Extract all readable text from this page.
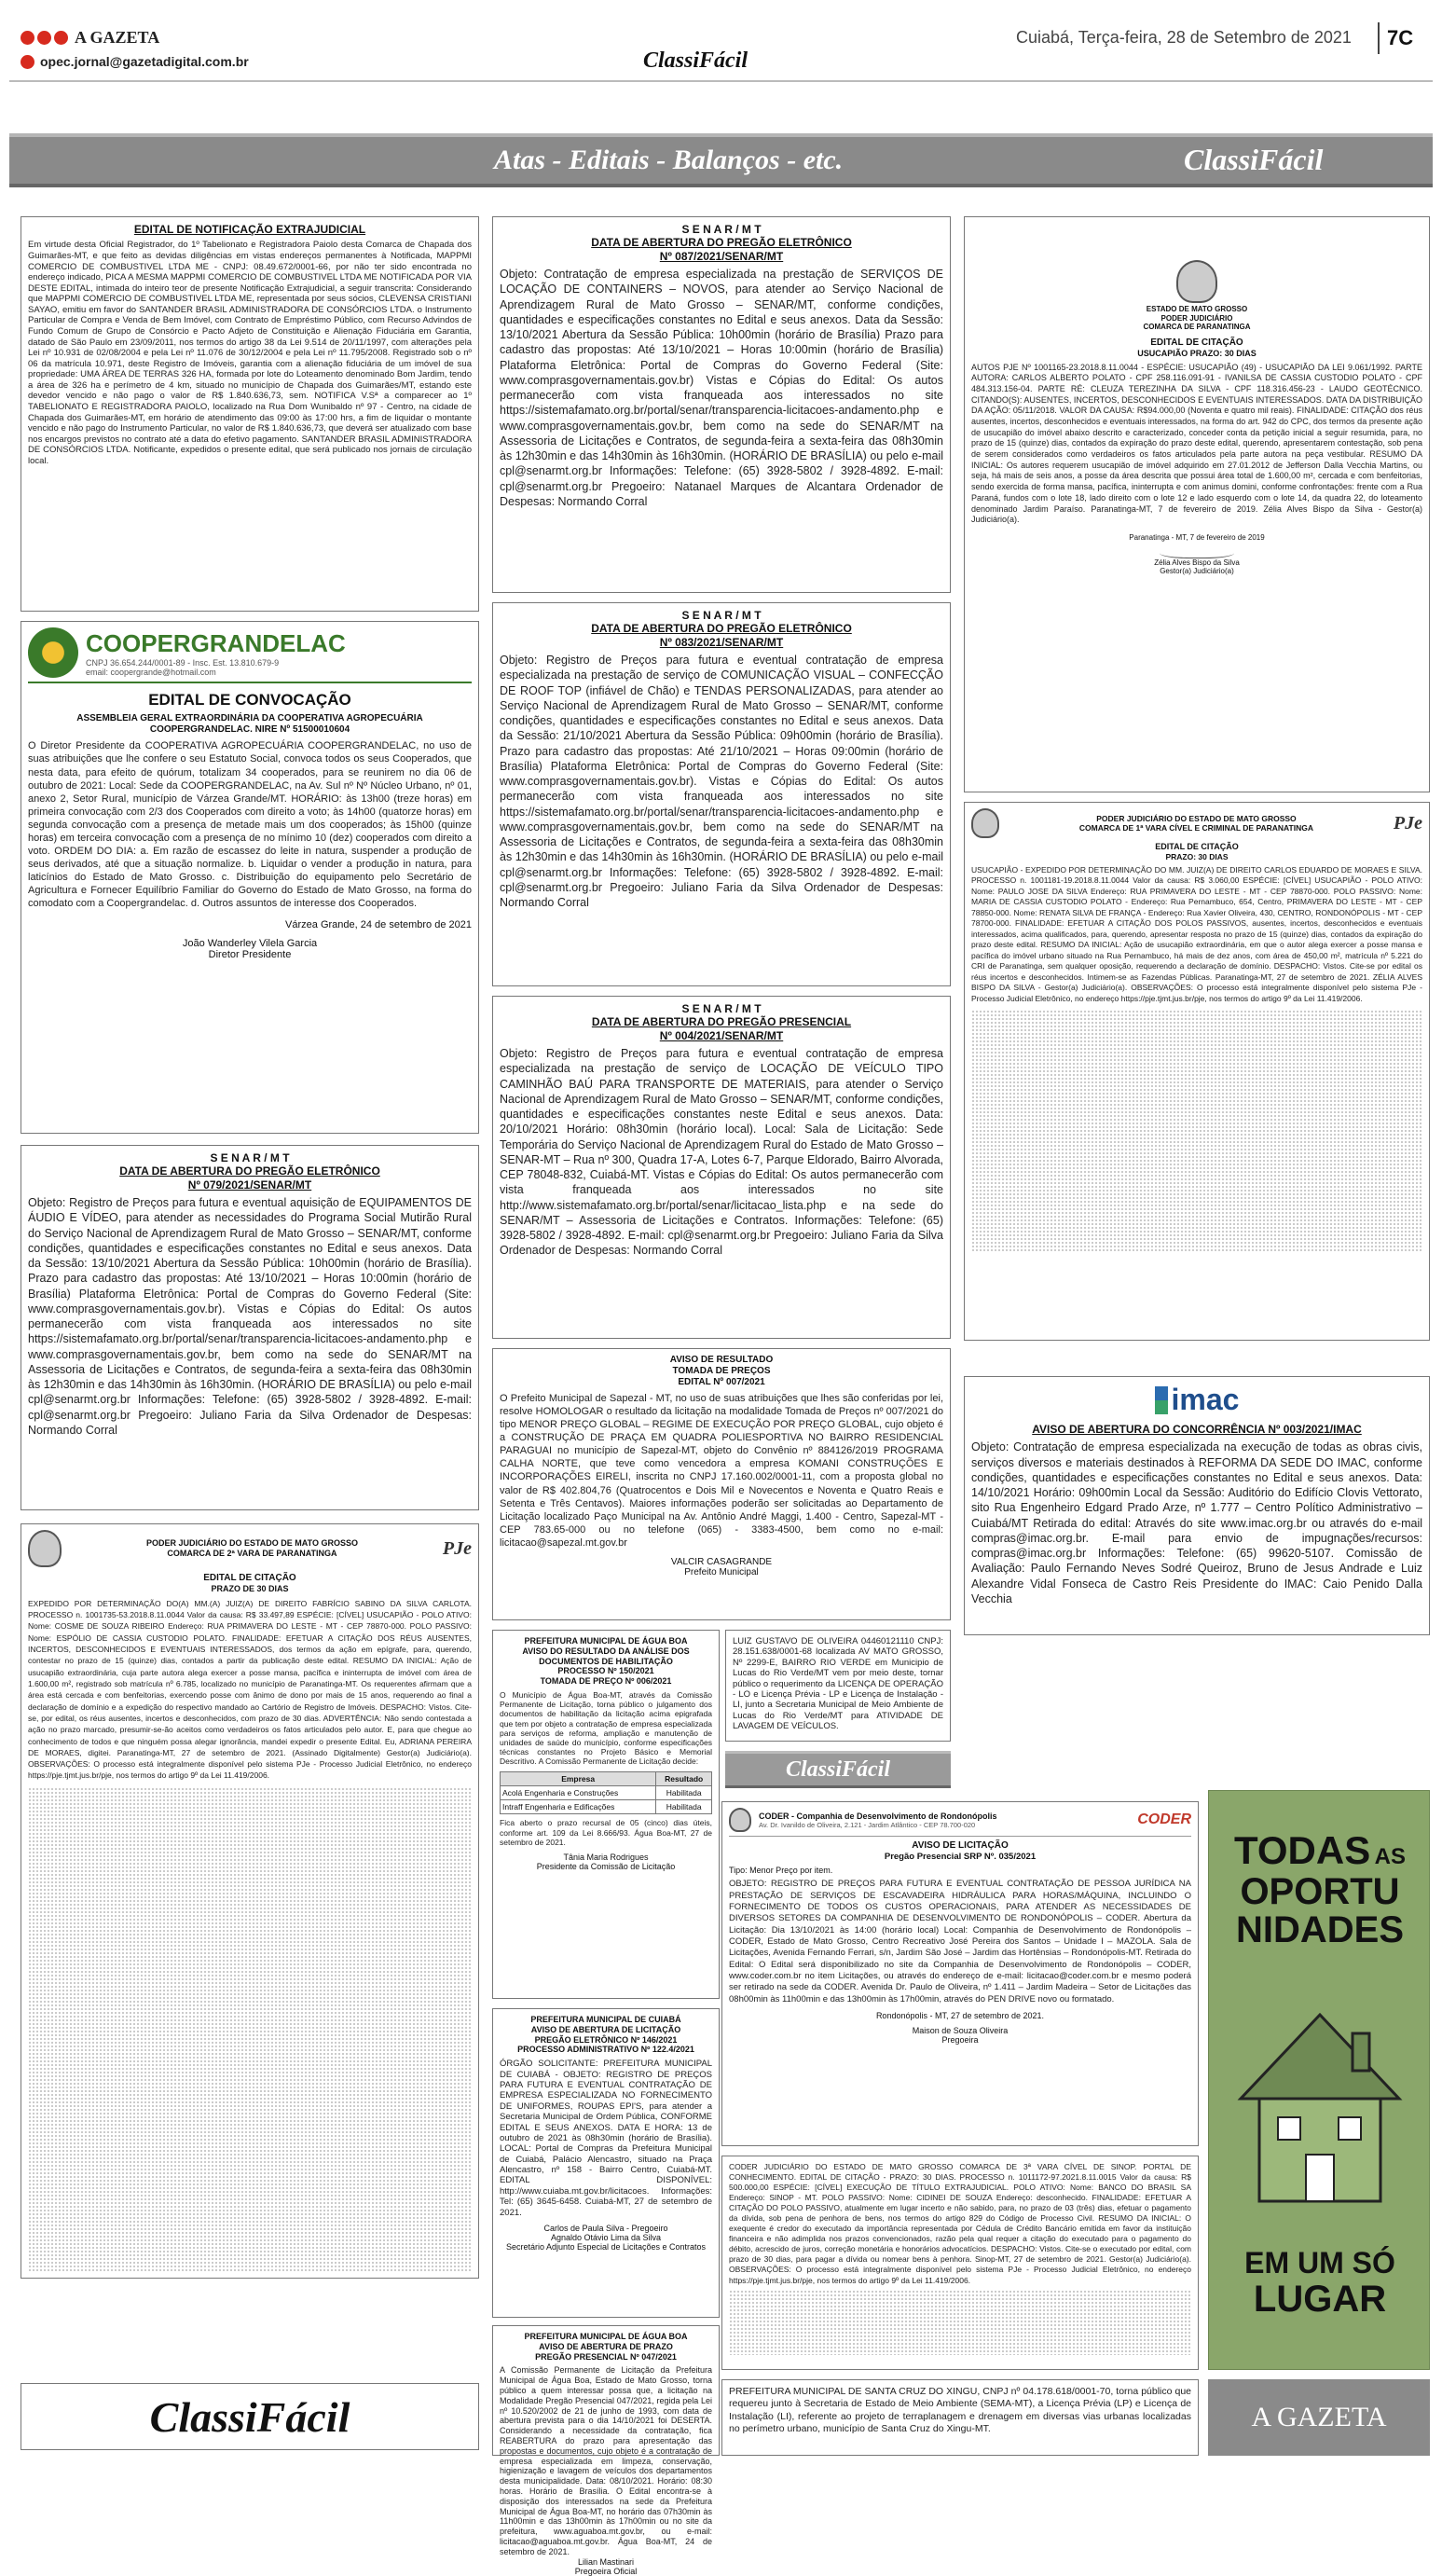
A GAZETA
opec.jornal@gazetadigital.com.br	ClassiFácil
Cuiabá, Terça-feira, 28 de Setembro de 2021 7C
Atas - Editais - Balanços - etc.	ClassiFácil
EDITAL DE NOTIFICAÇÃO EXTRAJUDICIAL
Em virtude desta Oficial Registrador, do 1º Tabelionato e Registradora Paiolo desta Comarca de Chapada dos Guimarães-MT, e que feito as devidas diligências em vistas endereços permanentes à Notificada, MAPPMI COMERCIO DE COMBUSTIVEL LTDA ME - CNPJ: 08.49.672/0001-66, por não ter sido encontrada no endereço indicado, PICA A MESMA MAPPMI COMERCIO DE COMBUSTIVEL LTDA ME NOTIFICADA POR VIA DESTE EDITAL, intimada do inteiro teor de presente Notificação Extrajudicial, a seguir transcrita: Considerando que MAPPMI COMERCIO DE COMBUSTIVEL LTDA ME, representada por seus sócios, CLEVENSA CRISTIANI SAYAO, emitiu em favor do SANTANDER BRASIL ADMINISTRADORA DE CONSÓRCIOS LTDA. o Instrumento Particular de Compra e Venda de Bem Imóvel, com Contrato de Empréstimo Público, com Recurso Advindos de Fundo Comum de Grupo de Consórcio e Pacto Adjeto de Constituição e Alienação Fiduciária em Garantia, datado de São Paulo em 23/09/2011, nos termos do artigo 38 da Lei 9.514 de 20/11/1997, com alterações pela Lei nº 10.931 de 02/08/2004 e pela Lei nº 11.076 de 30/12/2004 e pela Lei nº 11.795/2008. Registrado sob o nº 06 da matrícula 10.971, deste Registro de Imóveis, garantia com a alienação fiduciária de um imóvel de sua propriedade: UMA ÁREA DE TERRAS 326 HA, formada por lote do Loteamento denominado Bom Jardim, tendo a área de 326 ha e perímetro de 4 km, situado no município de Chapada dos Guimarães/MT, estando este devedor vencido e não pago o valor de R$ 1.840.636,73, sem. NOTIFICA V.Sª a comparecer ao 1º TABELIONATO E REGISTRADORA PAIOLO, localizado na Rua Dom Wunibaldo nº 97 - Centro, na cidade de Chapada dos Guimarães-MT, em horário de atendimento das 09:00 às 17:00 hrs, a fim de liquidar o montante vencido e não pago do Instrumento Particular, no valor de R$ 1.840.636,73, que deverá ser atualizado com base nos encargos previstos no contrato até a data do efetivo pagamento. SANTANDER BRASIL ADMINISTRADORA DE CONSÓRCIOS LTDA. Notificante, expedidos o presente edital, que será publicado nos jornais de circulação local.
COOPERGRANDELAC
CNPJ 36.654.244/0001-89 - Insc. Est. 13.810.679-9
email: coopergrande@hotmail.com
EDITAL DE CONVOCAÇÃO
ASSEMBLEIA GERAL EXTRAORDINÁRIA DA COOPERATIVA AGROPECUÁRIA COOPERGRANDELAC. NIRE Nº 51500010604
O Diretor Presidente da COOPERATIVA AGROPECUÁRIA COOPERGRANDELAC, no uso de suas atribuições que lhe confere o seu Estatuto Social, convoca todos os seus Cooperados, que nesta data, para efeito de quórum, totalizam 34 cooperados, para se reunirem no dia 06 de outubro de 2021: Local: Sede da COOPERGRANDELAC, na Av. Sul nº Nº Núcleo Urbano, nº 01, anexo 2, Setor Rural, município de Várzea Grande/MT. HORÁRIO: às 13h00 (treze horas) em primeira convocação com 2/3 dos Cooperados com direito a voto; às 14h00 (quatorze horas) em segunda convocação com a presença de metade mais um dos cooperados; às 15h00 (quinze horas) em terceira convocação com a presença de no mínimo 10 (dez) cooperados com direito a voto. ORDEM DO DIA: a. Em razão de escassez do leite in natura, suspender a produção de seus derivados, até que a situação normalize. b. Liquidar o vender a produção in natura, para laticínios do Estado de Mato Grosso. c. Distribuição do equipamento pelo Secretário de Agricultura e Fornecer Equilíbrio Familiar do Governo do Estado de Mato Grosso, na forma do comodato com a Coopergrandelac. d. Outros assuntos de interesse dos Cooperados.
Várzea Grande, 24 de setembro de 2021
João Wanderley Vilela Garcia
Diretor Presidente
S E N A R / M T
DATA DE ABERTURA DO PREGÃO ELETRÔNICO
Nº 079/2021/SENAR/MT
Objeto: Registro de Preços para futura e eventual aquisição de EQUIPAMENTOS DE ÁUDIO E VÍDEO, para atender as necessidades do Programa Social Mutirão Rural do Serviço Nacional de Aprendizagem Rural de Mato Grosso – SENAR/MT, conforme condições, quantidades e especificações constantes no Edital e seus anexos. Data da Sessão: 13/10/2021 Abertura da Sessão Pública: 10h00min (horário de Brasília). Prazo para cadastro das propostas: Até 13/10/2021 – Horas 10:00min (horário de Brasília) Plataforma Eletrônica: Portal de Compras do Governo Federal (Site: www.comprasgovernamentais.gov.br). Vistas e Cópias do Edital: Os autos permanecerão com vista franqueada aos interessados no site https://sistemafamato.org.br/portal/senar/transparencia-licitacoes-andamento.php e www.comprasgovernamentais.gov.br, bem como na sede do SENAR/MT na Assessoria de Licitações e Contratos, de segunda-feira a sexta-feira das 08h30min às 12h30min e das 14h30min às 16h30min. (HORÁRIO DE BRASÍLIA) ou pelo e-mail cpl@senarmt.org.br Informações: Telefone: (65) 3928-5802 / 3928-4892. E-mail: cpl@senarmt.org.br Pregoeiro: Juliano Faria da Silva Ordenador de Despesas: Normando Corral
PODER JUDICIÁRIO DO ESTADO DE MATO GROSSO
COMARCA DE 2ª VARA DE PARANATINGA	PJe
EDITAL DE CITAÇÃO
PRAZO DE 30 DIAS
EXPEDIDO POR DETERMINAÇÃO DO(A) MM.(A) JUIZ(A) DE DIREITO FABRÍCIO SABINO DA SILVA CARLOTA. PROCESSO n. 1001735-53.2018.8.11.0044 Valor da causa: R$ 33.497,89 ESPÉCIE: [CÍVEL] USUCAPIÃO - POLO ATIVO: Nome: COSME DE SOUZA RIBEIRO Endereço: RUA PRIMAVERA DO LESTE - MT - CEP 78870-000. POLO PASSIVO: Nome: ESPÓLIO DE CASSIA CUSTODIO POLATO. FINALIDADE: EFETUAR A CITAÇÃO DOS RÉUS AUSENTES, INCERTOS, DESCONHECIDOS E EVENTUAIS INTERESSADOS, dos termos da ação em epígrafe, para, querendo, contestar no prazo de 15 (quinze) dias, contados a partir da publicação deste edital. RESUMO DA INICIAL: Ação de usucapião extraordinária, cuja parte autora alega exercer a posse mansa, pacífica e ininterrupta de imóvel com área de 1.600,00 m², registrado sob matrícula nº 6.785, localizado no município de Paranatinga-MT. Os requerentes afirmam que a área está cercada e com benfeitorias, exercendo posse com ânimo de dono por mais de 15 anos, requerendo ao final a declaração de domínio e a expedição do respectivo mandado ao Cartório de Registro de Imóveis. DESPACHO: Vistos. Cite-se, por edital, os réus ausentes, incertos e desconhecidos, com prazo de 30 dias. ADVERTÊNCIA: Não sendo contestada a ação no prazo marcado, presumir-se-ão aceitos como verdadeiros os fatos articulados pelo autor. E, para que chegue ao conhecimento de todos e que ninguém possa alegar ignorância, mandei expedir o presente Edital. Eu, ADRIANA PEREIRA DE MORAES, digitei. Paranatinga-MT, 27 de setembro de 2021. (Assinado Digitalmente) Gestor(a) Judiciário(a). OBSERVAÇÕES: O processo está integralmente disponível pelo sistema PJe - Processo Judicial Eletrônico, no endereço https://pje.tjmt.jus.br/pje, nos termos do artigo 9º da Lei 11.419/2006.
ClassiFácil
S E N A R / M T
DATA DE ABERTURA DO PREGÃO ELETRÔNICO
Nº 087/2021/SENAR/MT
Objeto: Contratação de empresa especializada na prestação de SERVIÇOS DE LOCAÇÃO DE CONTAINERS – NOVOS, para atender ao Serviço Nacional de Aprendizagem Rural de Mato Grosso – SENAR/MT, conforme condições, quantidades e especificações constantes no Edital e seus anexos. Data da Sessão: 13/10/2021 Abertura da Sessão Pública: 10h00min (horário de Brasília) Prazo para cadastro das propostas: Até 13/10/2021 – Horas 10:00min (horário de Brasília) Plataforma Eletrônica: Portal de Compras do Governo Federal (Site: www.comprasgovernamentais.gov.br) Vistas e Cópias do Edital: Os autos permanecerão com vista franqueada aos interessados no site https://sistemafamato.org.br/portal/senar/transparencia-licitacoes-andamento.php e www.comprasgovernamentais.gov.br, bem como na sede do SENAR/MT na Assessoria de Licitações e Contratos, de segunda-feira a sexta-feira das 08h30min às 12h30min e das 14h30min às 16h30min. (HORÁRIO DE BRASÍLIA) ou pelo e-mail cpl@senarmt.org.br Informações: Telefone: (65) 3928-5802 / 3928-4892. E-mail: cpl@senarmt.org.br Pregoeiro: Natanael Marques de Alcantara Ordenador de Despesas: Normando Corral
S E N A R / M T
DATA DE ABERTURA DO PREGÃO ELETRÔNICO
Nº 083/2021/SENAR/MT
Objeto: Registro de Preços para futura e eventual contratação de empresa especializada na prestação de serviço de COMUNICAÇÃO VISUAL – CONFECÇÃO DE ROOF TOP (infiável de Chão) e TENDAS PERSONALIZADAS, para atender ao Serviço Nacional de Aprendizagem Rural de Mato Grosso – SENAR/MT, conforme condições, quantidades e especificações constantes no Edital e seus anexos. Data da Sessão: 21/10/2021 Abertura da Sessão Pública: 09h00min (horário de Brasília). Prazo para cadastro das propostas: Até 21/10/2021 – Horas 09:00min (horário de Brasília) Plataforma Eletrônica: Portal de Compras do Governo Federal (Site: www.comprasgovernamentais.gov.br). Vistas e Cópias do Edital: Os autos permanecerão com vista franqueada aos interessados no site https://sistemafamato.org.br/portal/senar/transparencia-licitacoes-andamento.php e www.comprasgovernamentais.gov.br, bem como na sede do SENAR/MT na Assessoria de Licitações e Contratos, de segunda-feira a sexta-feira das 08h30min às 12h30min e das 14h30min às 16h30min. (HORÁRIO DE BRASÍLIA) ou pelo e-mail cpl@senarmt.org.br Informações: Telefone: (65) 3928-5802 / 3928-4892. E-mail: cpl@senarmt.org.br Pregoeiro: Juliano Faria da Silva Ordenador de Despesas: Normando Corral
S E N A R / M T
DATA DE ABERTURA DO PREGÃO PRESENCIAL
Nº 004/2021/SENAR/MT
Objeto: Registro de Preços para futura e eventual contratação de empresa especializada na prestação de serviço de LOCAÇÃO DE VEÍCULO TIPO CAMINHÃO BAÚ PARA TRANSPORTE DE MATERIAIS, para atender o Serviço Nacional de Aprendizagem Rural de Mato Grosso – SENAR/MT, conforme condições, quantidades e especificações constantes neste Edital e seus anexos. Data: 20/10/2021 Horário: 08h30min (horário local). Local: Sala de Licitação: Sede Temporária do Serviço Nacional de Aprendizagem Rural do Estado de Mato Grosso – SENAR-MT – Rua nº 300, Quadra 17-A, Lotes 6-7, Parque Eldorado, Bairro Alvorada, CEP 78048-832, Cuiabá-MT. Vistas e Cópias do Edital: Os autos permanecerão com vista franqueada aos interessados no site http://www.sistemafamato.org.br/portal/senar/licitacao_lista.php e na sede do SENAR/MT – Assessoria de Licitações e Contratos. Informações: Telefone: (65) 3928-5802 / 3928-4892. E-mail: cpl@senarmt.org.br Pregoeiro: Juliano Faria da Silva Ordenador de Despesas: Normando Corral
AVISO DE RESULTADO
TOMADA DE PREÇOS
EDITAL Nº 007/2021
O Prefeito Municipal de Sapezal - MT, no uso de suas atribuições que lhes são conferidas por lei, resolve HOMOLOGAR o resultado da licitação na modalidade Tomada de Preços nº 007/2021 do tipo MENOR PREÇO GLOBAL – REGIME DE EXECUÇÃO POR PREÇO GLOBAL, cujo objeto é a CONSTRUÇÃO DE PRAÇA EM QUADRA POLIESPORTIVA NO BAIRRO RESIDENCIAL PARAGUAI no município de Sapezal-MT, objeto do Convênio nº 884126/2019 PROGRAMA CALHA NORTE, que teve como vencedora a empresa KOMANI CONSTRUÇÕES E INCORPORAÇÕES EIRELI, inscrita no CNPJ 17.160.002/0001-11, com a proposta global no valor de R$ 402.804,76 (Quatrocentos e Dois Mil e Novecentos e Noventa e Quatro Reais e Setenta e Três Centavos). Maiores informações poderão ser solicitadas ao Departamento de Licitação localizado Paço Municipal na Av. Antônio André Maggi, 1.400 - Centro, Sapezal-MT - CEP 783.65-000 ou no telefone (065) - 3383-4500, bem como no e-mail: licitacao@sapezal.mt.gov.br
VALCIR CASAGRANDE
Prefeito Municipal
PREFEITURA MUNICIPAL DE ÁGUA BOA
AVISO DO RESULTADO DA ANÁLISE DOS DOCUMENTOS DE HABILITAÇÃO
PROCESSO Nº 150/2021
TOMADA DE PREÇO Nº 006/2021
O Município de Água Boa-MT, através da Comissão Permanente de Licitação, torna público o julgamento dos documentos de habilitação da licitação acima epigrafada que tem por objeto a contratação de empresa especializada para serviços de reforma, ampliação e manutenção de unidades de saúde do município, conforme especificações técnicas constantes no Projeto Básico e Memorial Descritivo. A Comissão Permanente de Licitação decide:
Empresa	Resultado
Acolá Engenharia e Construções	Habilitada
Intraff Engenharia e Edificações	Habilitada
Fica aberto o prazo recursal de 05 (cinco) dias úteis, conforme art. 109 da Lei 8.666/93. Água Boa-MT, 27 de setembro de 2021.
Tânia Maria Rodrigues
Presidente da Comissão de Licitação
LUIZ GUSTAVO DE OLIVEIRA 04460121110 CNPJ: 28.151.638/0001-68 localizada AV MATO GROSSO, Nº 2299-E, BAIRRO RIO VERDE em Municipio de Lucas do Rio Verde/MT vem por meio deste, tornar público o requerimento da LICENÇA DE OPERAÇÃO - LO e Licença Prévia - LP e Licença de Instalação - LI, junto a Secretaria Municipal de Meio Ambiente de Lucas do Rio Verde/MT para ATIVIDADE DE LAVAGEM DE VEÍCULOS.
ClassiFácil
PREFEITURA MUNICIPAL DE CUIABÁ
AVISO DE ABERTURA DE LICITAÇÃO
PREGÃO ELETRÔNICO Nº 146/2021
PROCESSO ADMINISTRATIVO Nº 122.4/2021
ÓRGÃO SOLICITANTE: PREFEITURA MUNICIPAL DE CUIABÁ - OBJETO: REGISTRO DE PREÇOS PARA FUTURA E EVENTUAL CONTRATAÇÃO DE EMPRESA ESPECIALIZADA NO FORNECIMENTO DE UNIFORMES, ROUPAS EPI'S, para atender a Secretaria Municipal de Ordem Pública, CONFORME EDITAL E SEUS ANEXOS. DATA E HORA: 13 de outubro de 2021 às 08h30min (horário de Brasília). LOCAL: Portal de Compras da Prefeitura Municipal de Cuiabá, Palácio Alencastro, situado na Praça Alencastro, nº 158 - Bairro Centro, Cuiabá-MT. EDITAL DISPONÍVEL: http://www.cuiaba.mt.gov.br/licitacoes. Informações: Tel: (65) 3645-6458. Cuiabá-MT, 27 de setembro de 2021.
Carlos de Paula Silva - Pregoeiro
Agnaldo Otávio Lima da Silva
Secretário Adjunto Especial de Licitações e Contratos
PREFEITURA MUNICIPAL DE ÁGUA BOA
AVISO DE ABERTURA DE PRAZO
PREGÃO PRESENCIAL Nº 047/2021
A Comissão Permanente de Licitação da Prefeitura Municipal de Água Boa, Estado de Mato Grosso, torna público a quem interessar possa que, a licitação na Modalidade Pregão Presencial 047/2021, regida pela Lei nº 10.520/2002 de 21 de junho de 1993, com data de abertura prevista para o dia 14/10/2021 foi DESERTA. Considerando a necessidade da contratação, fica REABERTURA do prazo para apresentação das propostas e documentos, cujo objeto é a contratação de empresa especializada em limpeza, conservação, higienização e lavagem de veículos dos departamentos desta municipalidade. Data: 08/10/2021. Horário: 08:30 horas. Horário de Brasília. O Edital encontra-se à disposição dos interessados na sede da Prefeitura Municipal de Água Boa-MT, no horário das 07h30min às 11h00min e das 13h00min às 17h00min ou no site da prefeitura, www.aguaboa.mt.gov.br, ou e-mail: licitacao@aguaboa.mt.gov.br. Água Boa-MT, 24 de setembro de 2021.
Lilian Mastinari
Pregoeira Oficial
ESTADO DE MATO GROSSO
PODER JUDICIÁRIO
COMARCA DE PARANATINGA
EDITAL DE CITAÇÃO
USUCAPIÃO PRAZO: 30 DIAS
AUTOS PJE Nº 1001165-23.2018.8.11.0044 - ESPÉCIE: USUCAPIÃO (49) - USUCAPIÃO DA LEI 9.061/1992. PARTE AUTORA: CARLOS ALBERTO POLATO - CPF 258.116.091-91 - IVANILSA DE CASSIA CUSTODIO POLATO - CPF 484.313.156-04. PARTE RÉ: CLEUZA TEREZINHA DA SILVA - CPF 118.316.456-23 - LAUDO GEOTÉCNICO. CITANDO(S): AUSENTES, INCERTOS, DESCONHECIDOS E EVENTUAIS INTERESSADOS. DATA DA DISTRIBUIÇÃO DA AÇÃO: 05/11/2018. VALOR DA CAUSA: R$94.000,00 (Noventa e quatro mil reais). FINALIDADE: CITAÇÃO dos réus ausentes, incertos, desconhecidos e eventuais interessados, na forma do art. 942 do CPC, dos termos da presente ação de usucapião do imóvel abaixo descrito e caracterizado, conceder conta da petição inicial a seguir resumida, para, no prazo de 15 (quinze) dias, contados da expiração do prazo deste edital, querendo, apresentarem contestação, sob pena de serem considerados como verdadeiros os fatos articulados pela parte autora na peça vestibular. RESUMO DA INICIAL: Os autores requerem usucapião de imóvel adquirido em 27.01.2012 de Jefferson Dalla Vecchia Martins, ou seja, há mais de seis anos, a posse da área descrita que possui área total de 1.600,00 m², cercada e com benfeitorias, sendo exercida de forma mansa, pacífica, ininterrupta e com animus domini, conforme confrontações: frente com a Rua Paraná, fundos com o lote 18, lado direito com o lote 12 e lado esquerdo com o lote 14, da quadra 22, do loteamento denominado Jardim Paraíso. Paranatinga-MT, 7 de fevereiro de 2019. Zélia Alves Bispo da Silva - Gestor(a) Judiciário(a).
Paranatinga - MT, 7 de fevereiro de 2019
Zélia Alves Bispo da Silva
Gestor(a) Judiciário(a)
PODER JUDICIÁRIO DO ESTADO DE MATO GROSSO
COMARCA DE 1ª VARA CÍVEL E CRIMINAL DE PARANATINGA	PJe
EDITAL DE CITAÇÃO
PRAZO: 30 DIAS
USUCAPIÃO - EXPEDIDO POR DETERMINAÇÃO DO MM. JUIZ(A) DE DIREITO CARLOS EDUARDO DE MORAES E SILVA. PROCESSO n. 1001181-19.2018.8.11.0044 Valor da causa: R$ 3.060,00 ESPÉCIE: [CÍVEL] USUCAPIÃO - POLO ATIVO: Nome: PAULO JOSE DA SILVA Endereço: RUA PRIMAVERA DO LESTE - MT - CEP 78870-000. POLO PASSIVO: Nome: MARIA DE CASSIA CUSTODIO POLATO - Endereço: Rua Pernambuco, 654, Centro, PRIMAVERA DO LESTE - MT - CEP 78850-000. Nome: RENATA SILVA DE FRANÇA - Endereço: Rua Xavier Oliveira, 430, CENTRO, RONDONÓPOLIS - MT - CEP 78700-000. FINALIDADE: EFETUAR A CITAÇÃO DOS POLOS PASSIVOS, ausentes, incertos, desconhecidos e eventuais interessados, acima qualificados, para, querendo, apresentar resposta no prazo de 15 (quinze) dias, contados da expiração do prazo deste edital. RESUMO DA INICIAL: Ação de usucapião extraordinária, em que o autor alega exercer a posse mansa e pacífica do imóvel urbano situado na Rua Pernambuco, há mais de dez anos, com área de 450,00 m², matrícula nº 5.221 do CRI de Paranatinga, sem qualquer oposição, requerendo a declaração de domínio. DESPACHO: Vistos. Cite-se por edital os réus incertos e desconhecidos. Intimem-se as Fazendas Públicas. Paranatinga-MT, 27 de setembro de 2021. ZÉLIA ALVES BISPO DA SILVA - Gestor(a) Judiciário(a). OBSERVAÇÕES: O processo está integralmente disponível pelo sistema PJe - Processo Judicial Eletrônico, no endereço https://pje.tjmt.jus.br/pje, nos termos do artigo 9º da Lei 11.419/2006.
imac
AVISO DE ABERTURA DO CONCORRÊNCIA Nº 003/2021/IMAC
Objeto: Contratação de empresa especializada na execução de todas as obras civis, serviços diversos e materiais destinados à REFORMA DA SEDE DO IMAC, conforme condições, quantidades e especificações constantes no Edital e seus anexos. Data: 14/10/2021 Horário: 09h00min Local da Sessão: Auditório do Edifício Clovis Vettorato, sito Rua Engenheiro Edgard Prado Arze, nº 1.777 – Centro Político Administrativo – Cuiabá/MT Retirada do edital: Através do site www.imac.org.br ou através do e-mail compras@imac.org.br. E-mail para envio de impugnações/recursos: compras@imac.org.br Informações: Telefone: (65) 99620-5107. Comissão de Avaliação: Paulo Fernando Neves Sodré Queiroz, Bruno de Jesus Andrade e Luiz Alexandre Vidal Fonseca de Castro Reis Presidente do IMAC: Caio Penido Dalla Vecchia
CODER - Companhia de Desenvolvimento de Rondonópolis
Av. Dr. Ivanildo de Oliveira, 2.121 - Jardim Atlântico - CEP 78.700-020	CODER
AVISO DE LICITAÇÃO
Pregão Presencial SRP Nº. 035/2021
Tipo: Menor Preço por item.
OBJETO: REGISTRO DE PREÇOS PARA FUTURA E EVENTUAL CONTRATAÇÃO DE PESSOA JURÍDICA NA PRESTAÇÃO DE SERVIÇOS DE ESCAVADEIRA HIDRÁULICA PARA HORAS/MÁQUINA, INCLUINDO O FORNECIMENTO DE TODOS OS CUSTOS OPERACIONAIS, PARA ATENDER AS NECESSIDADES DE DIVERSOS SETORES DA COMPANHIA DE DESENVOLVIMENTO DE RONDONÓPOLIS – CODER. Abertura da Licitação: Dia 13/10/2021 às 14:00 (horário local) Local: Companhia de Desenvolvimento de Rondonópolis – CODER, Estado de Mato Grosso, Centro Recreativo José Pereira dos Santos – Unidade I – MAZOLA. Sala de Licitações, Avenida Fernando Ferrari, s/n, Jardim São José – Jardim das Hortênsias – Rondonópolis-MT. Retirada do Edital: O Edital será disponibilizado no site da Companhia de Desenvolvimento de Rondonópolis – CODER, www.coder.com.br no item Licitações, ou através do endereço de e-mail: licitacao@coder.com.br e mesmo poderá ser retirado na sede da CODER. Avenida Dr. Paulo de Oliveira, nº 1.411 – Jardim Madeira – Setor de Licitações das 08h00min às 11h00min e das 13h00min às 17h00min, através do PEN DRIVE novo ou formatado.
Rondonópolis - MT, 27 de setembro de 2021.
Maison de Souza Oliveira
Pregoeira
CODER JUDICIÁRIO DO ESTADO DE MATO GROSSO COMARCA DE 3ª VARA CÍVEL DE SINOP. PORTAL DE CONHECIMENTO. EDITAL DE CITAÇÃO - PRAZO: 30 DIAS. PROCESSO n. 1011172-97.2021.8.11.0015 Valor da causa: R$ 500.000,00 ESPÉCIE: [CÍVEL] EXECUÇÃO DE TÍTULO EXTRAJUDICIAL. POLO ATIVO: Nome: BANCO DO BRASIL SA Endereço: SINOP - MT. POLO PASSIVO: Nome: CIDINEI DE SOUZA Endereço: desconhecido. FINALIDADE: EFETUAR A CITAÇÃO DO POLO PASSIVO, atualmente em lugar incerto e não sabido, para, no prazo de 03 (três) dias, efetuar o pagamento da dívida, sob pena de penhora de bens, nos termos do artigo 829 do Código de Processo Civil. RESUMO DA INICIAL: O exequente é credor do executado da importância representada por Cédula de Crédito Bancário emitida em favor da instituição financeira e não adimplida nos prazos convencionados, razão pela qual requer a citação do executado para o pagamento do débito, acrescido de juros, correção monetária e honorários advocatícios. DESPACHO: Vistos. Cite-se o executado por edital, com prazo de 30 dias, para pagar a dívida ou nomear bens à penhora. Sinop-MT, 27 de setembro de 2021. Gestor(a) Judiciário(a). OBSERVAÇÕES: O processo está integralmente disponível pelo sistema PJe - Processo Judicial Eletrônico, no endereço https://pje.tjmt.jus.br/pje, nos termos do artigo 9º da Lei 11.419/2006.
PREFEITURA MUNICIPAL DE SANTA CRUZ DO XINGU, CNPJ nº 04.178.618/0001-70, torna público que requereu junto à Secretaria de Estado de Meio Ambiente (SEMA-MT), a Licença Prévia (LP) e Licença de Instalação (LI), referente ao projeto de terraplanagem e drenagem em diversas vias urbanas localizadas no perímetro urbano, município de Santa Cruz do Xingu-MT.
TODAS AS
OPORTU
NIDADES
EM UM SÓ
LUGAR
A GAZETA
